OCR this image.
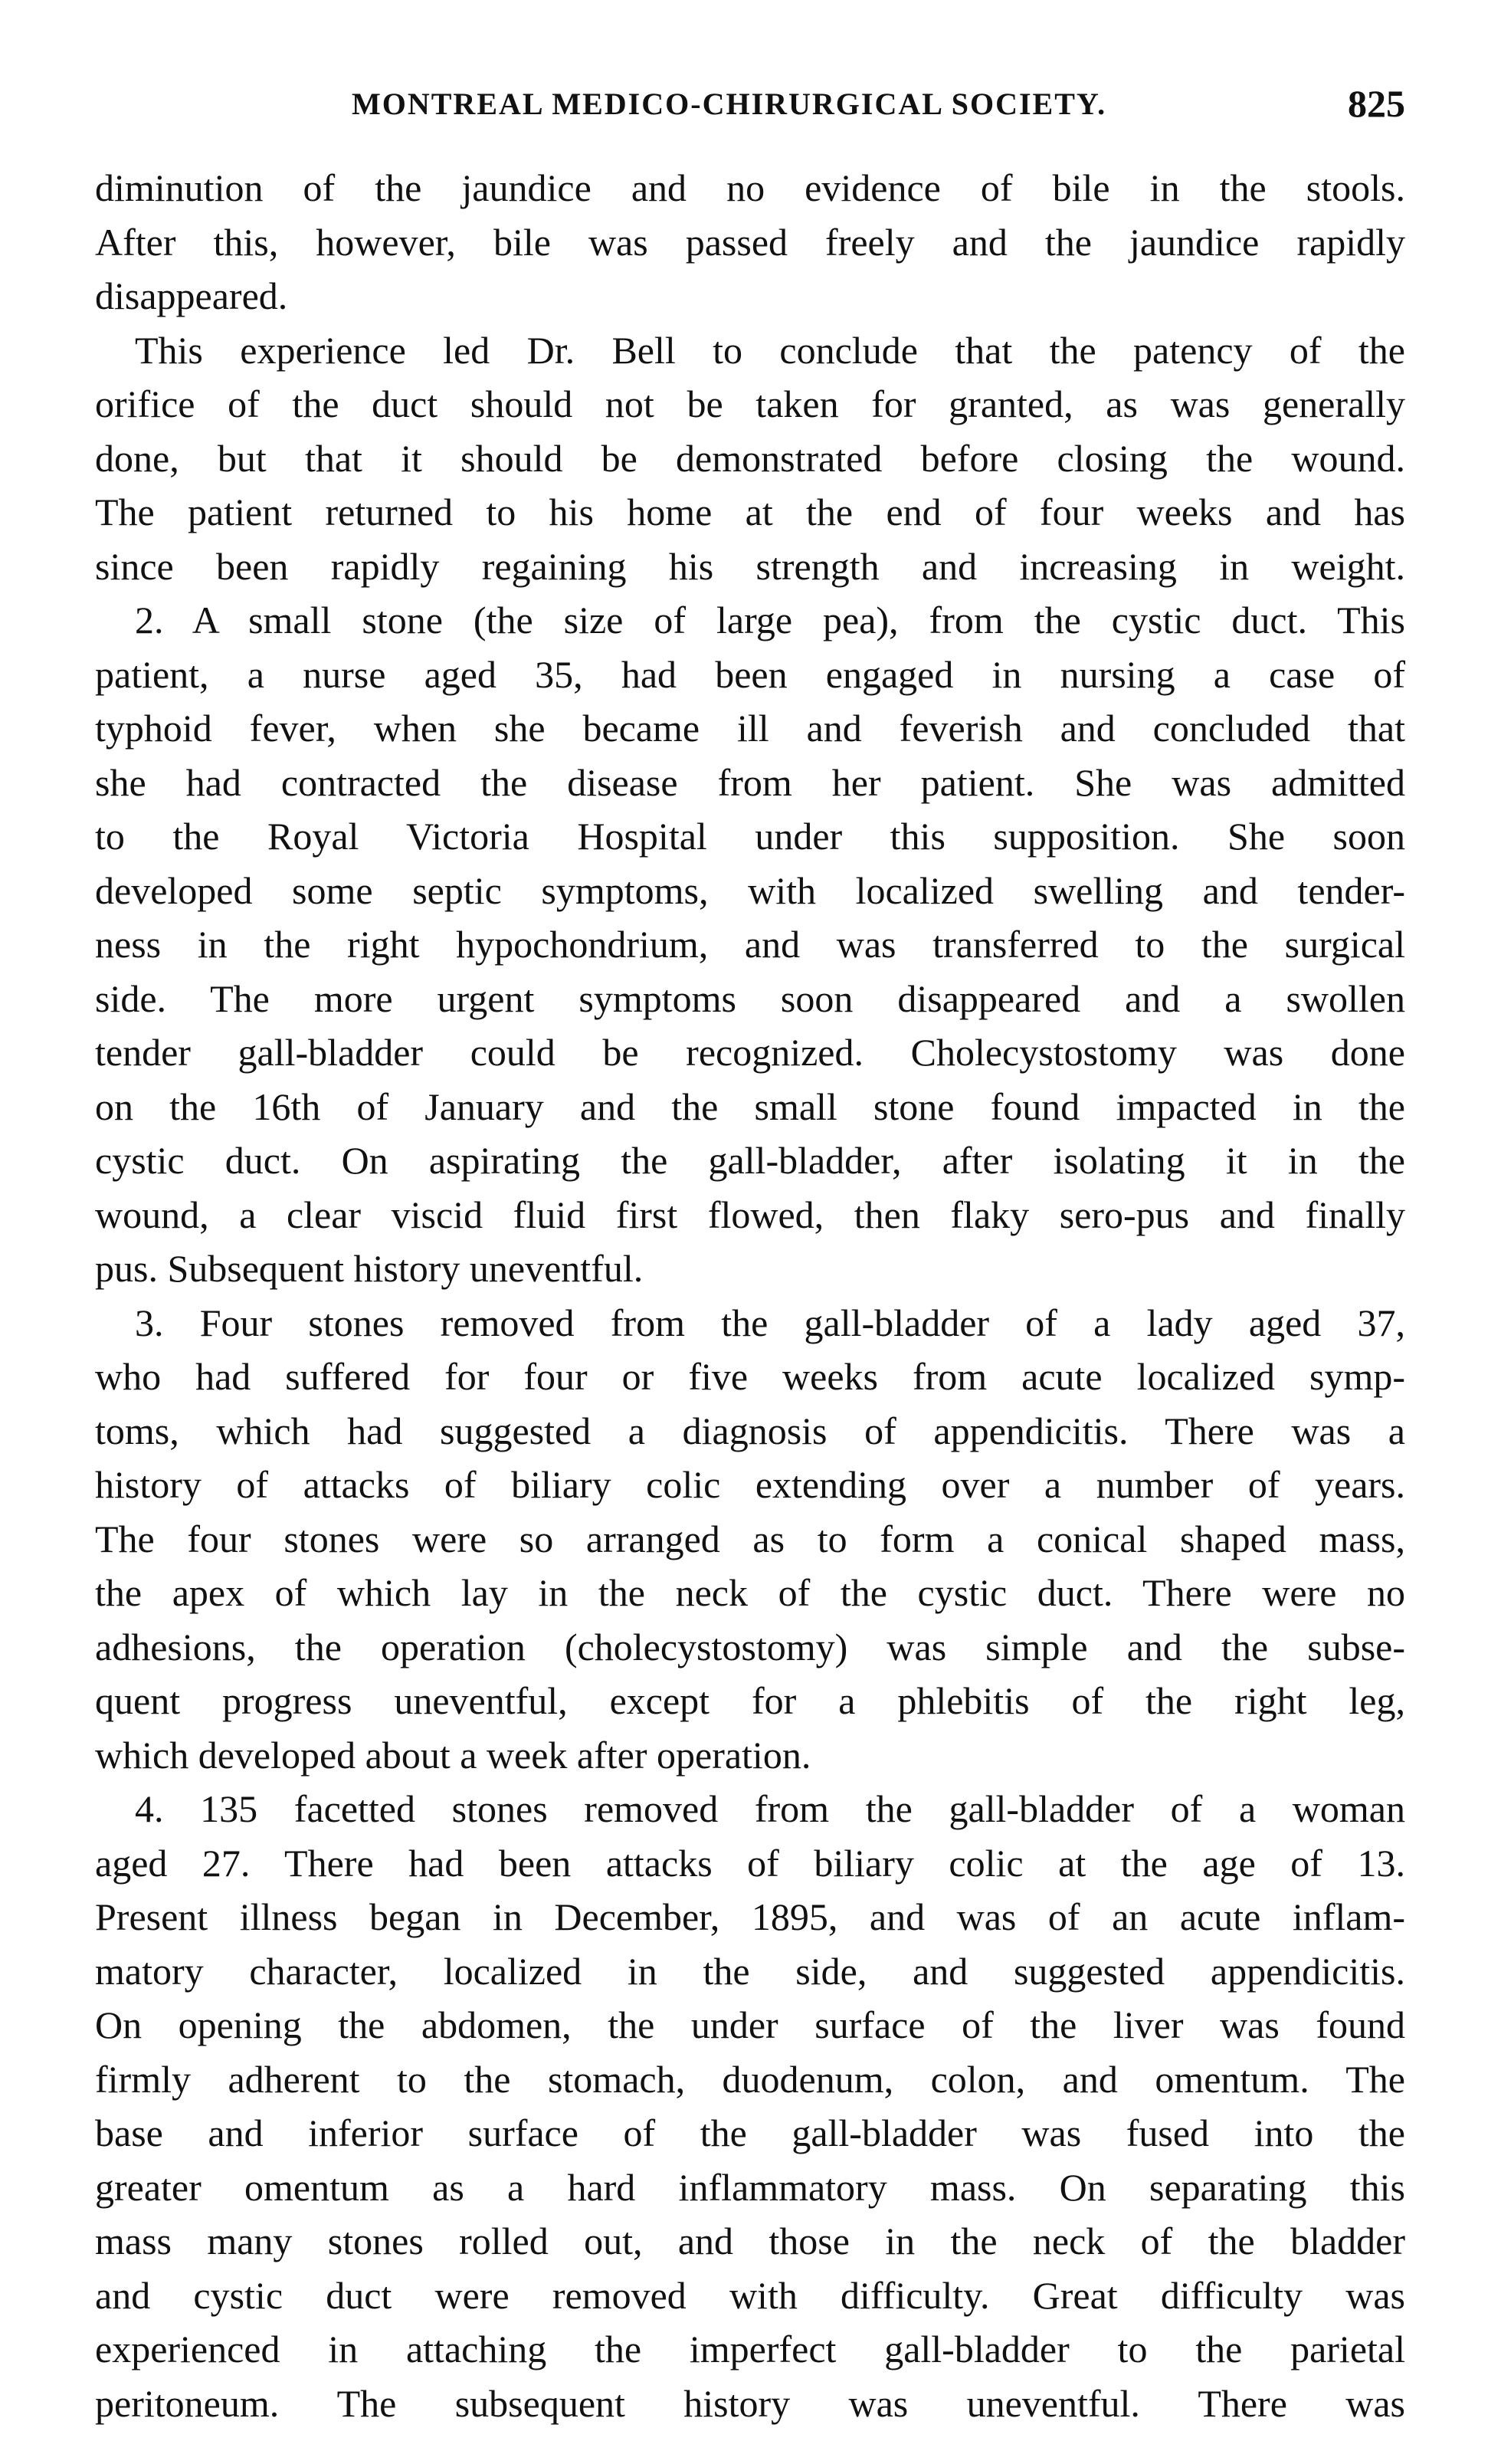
MONTREAL MEDICO-CHIRURGICAL SOCIETY.	825
diminution of the jaundice and no evidence of bile in the stools.
After this, however, bile was passed freely and the jaundice rapidly
disappeared.
This experience led Dr. Bell to conclude that the patency of the
orifice of the duct should not be taken for granted, as was generally
done, but that it should be demonstrated before closing the wound.
The patient returned to his home at the end of four weeks and has
since been rapidly regaining his strength and increasing in weight.
2. A small stone (the size of large pea), from the cystic duct. This
patient, a nurse aged 35, had been engaged in nursing a case of
typhoid fever, when she became ill and feverish and concluded that
she had contracted the disease from her patient. She was admitted
to the Royal Victoria Hospital under this supposition. She soon
developed some septic symptoms, with localized swelling and tender-
ness in the right hypochondrium, and was transferred to the surgical
side. The more urgent symptoms soon disappeared and a swollen
tender gall-bladder could be recognized. Cholecystostomy was done
on the 16th of January and the small stone found impacted in the
cystic duct. On aspirating the gall-bladder, after isolating it in the
wound, a clear viscid fluid first flowed, then flaky sero-pus and finally
pus. Subsequent history uneventful.
3. Four stones removed from the gall-bladder of a lady aged 37,
who had suffered for four or five weeks from acute localized symp-
toms, which had suggested a diagnosis of appendicitis. There was a
history of attacks of biliary colic extending over a number of years.
The four stones were so arranged as to form a conical shaped mass,
the apex of which lay in the neck of the cystic duct. There were no
adhesions, the operation (cholecystostomy) was simple and the subse-
quent progress uneventful, except for a phlebitis of the right leg,
which developed about a week after operation.
4. 135 facetted stones removed from the gall-bladder of a woman
aged 27. There had been attacks of biliary colic at the age of 13.
Present illness began in December, 1895, and was of an acute inflam-
matory character, localized in the side, and suggested appendicitis.
On opening the abdomen, the under surface of the liver was found
firmly adherent to the stomach, duodenum, colon, and omentum. The
base and inferior surface of the gall-bladder was fused into the
greater omentum as a hard inflammatory mass. On separating this
mass many stones rolled out, and those in the neck of the bladder
and cystic duct were removed with difficulty. Great difficulty was
experienced in attaching the imperfect gall-bladder to the parietal
peritoneum. The subsequent history was uneventful. There was
